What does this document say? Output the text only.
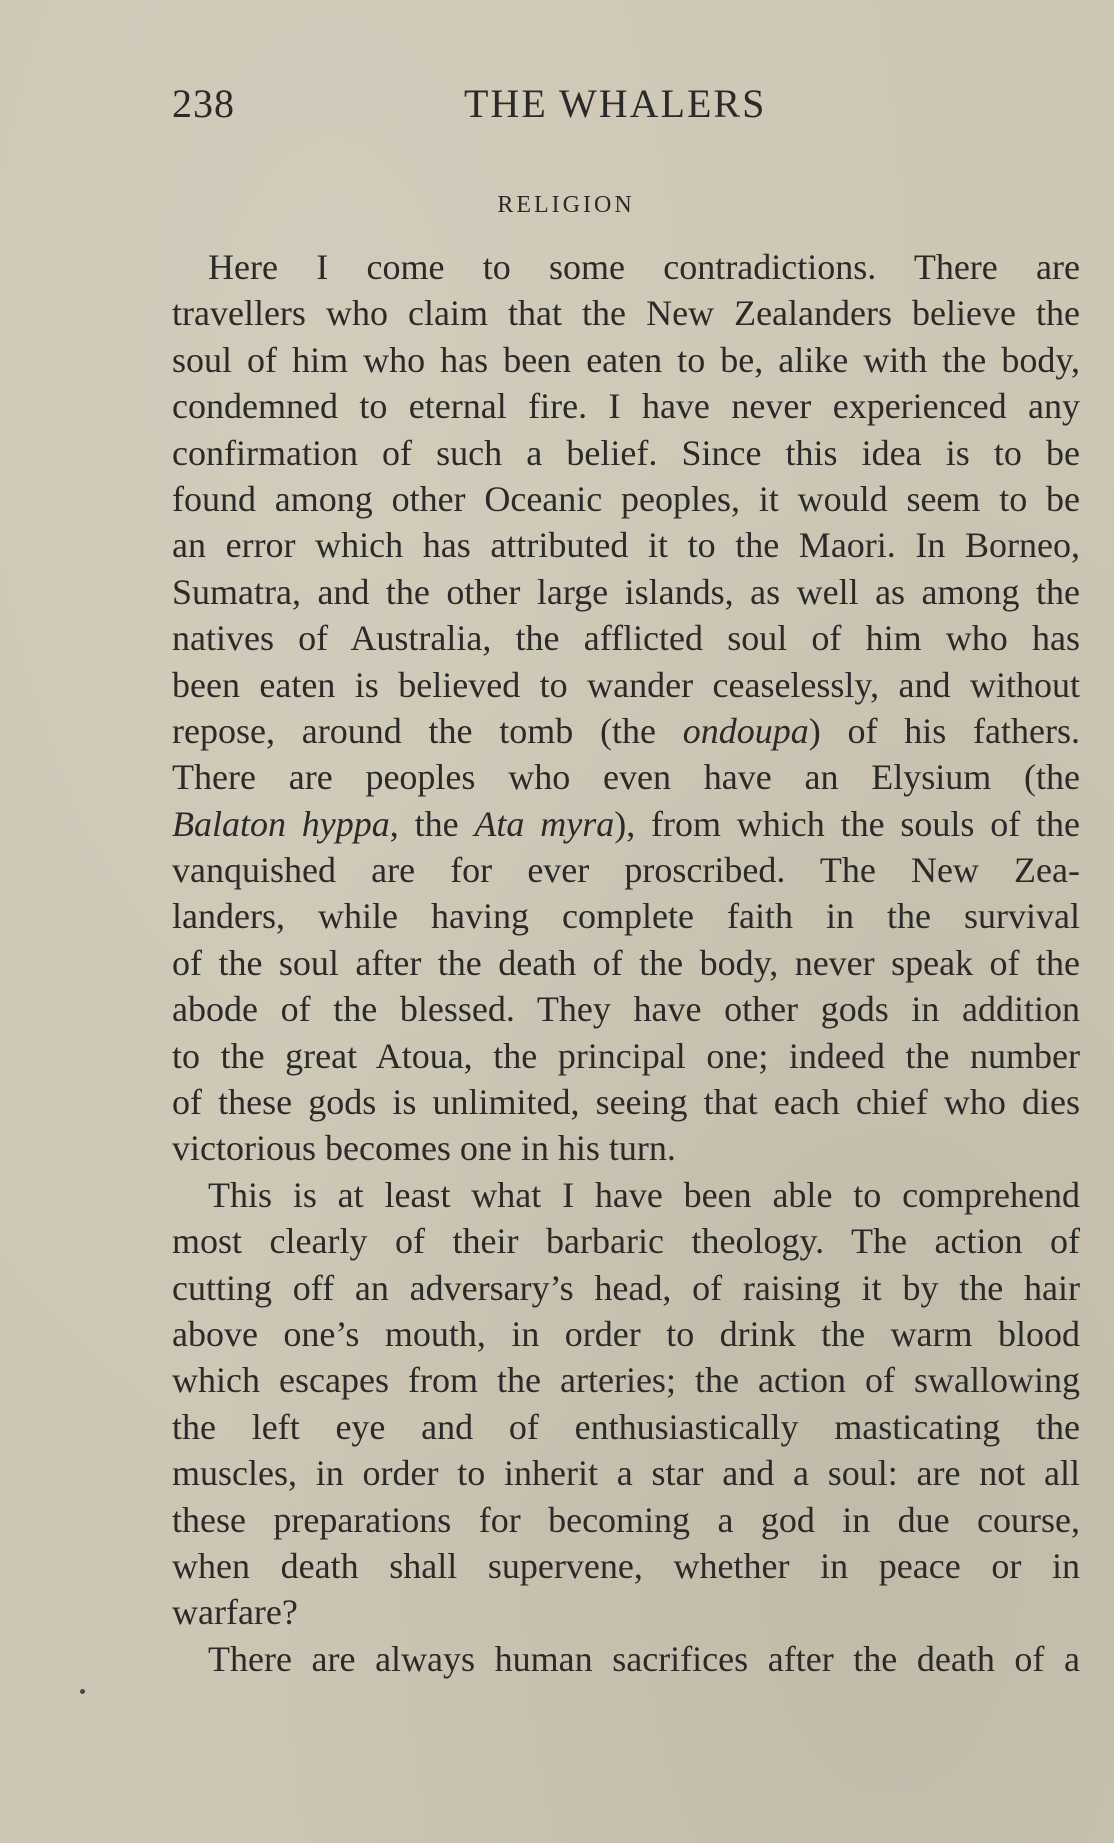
238	THE WHALERS
RELIGION
Here I come to some contradictions. There are
travellers who claim that the New Zealanders believe the
soul of him who has been eaten to be, alike with the body,
condemned to eternal fire. I have never experienced any
confirmation of such a belief. Since this idea is to be
found among other Oceanic peoples, it would seem to be
an error which has attributed it to the Maori. In Borneo,
Sumatra, and the other large islands, as well as among the
natives of Australia, the afflicted soul of him who has
been eaten is believed to wander ceaselessly, and without
repose, around the tomb (the ondoupa) of his fathers.
There are peoples who even have an Elysium (the
Balaton hyppa, the Ata myra), from which the souls of the
vanquished are for ever proscribed. The New Zea-
landers, while having complete faith in the survival
of the soul after the death of the body, never speak of the
abode of the blessed. They have other gods in addition
to the great Atoua, the principal one; indeed the number
of these gods is unlimited, seeing that each chief who dies
victorious becomes one in his turn.
This is at least what I have been able to comprehend
most clearly of their barbaric theology. The action of
cutting off an adversary’s head, of raising it by the hair
above one’s mouth, in order to drink the warm blood
which escapes from the arteries; the action of swallowing
the left eye and of enthusiastically masticating the
muscles, in order to inherit a star and a soul: are not all
these preparations for becoming a god in due course,
when death shall supervene, whether in peace or in
warfare?
There are always human sacrifices after the death of a
